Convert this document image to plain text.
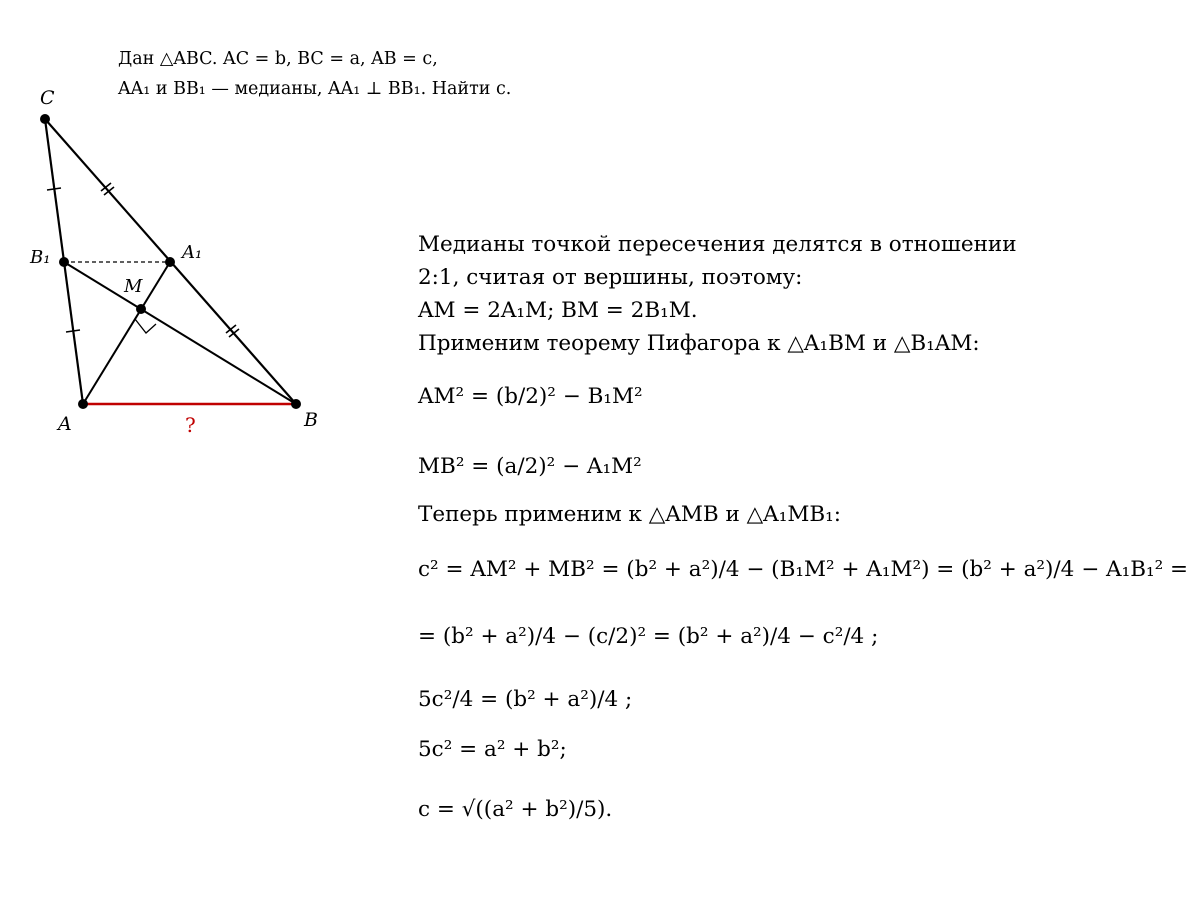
Дан △ABC. AC = b, BC = a, AB = c,
AA₁ и BB₁ — медианы, AA₁ ⊥ BB₁. Найти c.
C
A	B
A₁
B₁
M
?
Медианы точкой пересечения делятся в отношении
2:1, считая от вершины, поэтому:
AM = 2A₁M; BM = 2B₁M.
Применим теорему Пифагора к △A₁BM и △B₁AM:
AM² = (b/2)² − B₁M²
MB² = (a/2)² − A₁M²
Теперь применим к △AMB и △A₁MB₁:
c² = AM² + MB² = (b² + a²)/4 − (B₁M² + A₁M²) = (b² + a²)/4 − A₁B₁² =
= (b² + a²)/4 − (c/2)² = (b² + a²)/4 − c²/4 ;
5c²/4 = (b² + a²)/4 ;
5c² = a² + b²;
c = √((a² + b²)/5).
